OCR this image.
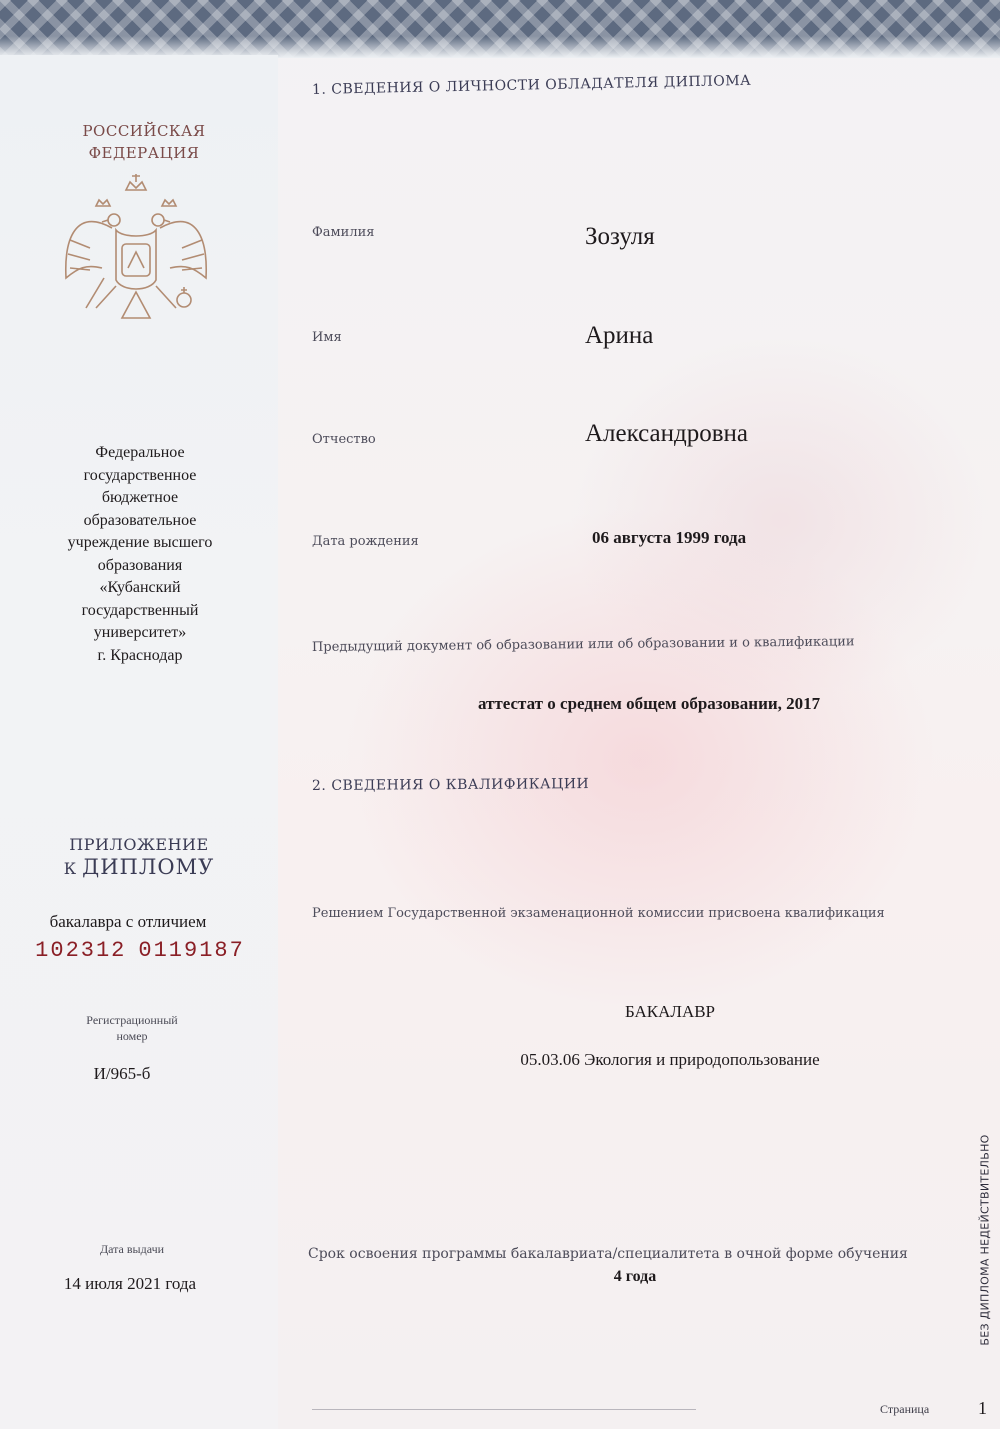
РОССИЙСКАЯ
ФЕДЕРАЦИЯ
Федеральное
государственное
бюджетное
образовательное
учреждение высшего
образования
«Кубанский
государственный
университет»
г. Краснодар
ПРИЛОЖЕНИЕ
К ДИПЛОМУ
бакалавра с отличием
102312 0119187
Регистрационный
номер
И/965-б
Дата выдачи
14 июля 2021 года
1. СВЕДЕНИЯ О ЛИЧНОСТИ ОБЛАДАТЕЛЯ ДИПЛОМА
Фамилия	Зозуля
Имя	Арина
Отчество	Александровна
Дата рождения	06 августа 1999 года
Предыдущий документ об образовании или об образовании и о квалификации
аттестат о среднем общем образовании, 2017
2. СВЕДЕНИЯ О КВАЛИФИКАЦИИ
Решением Государственной экзаменационной комиссии присвоена квалификация
БАКАЛАВР
05.03.06 Экология и природопользование
Срок освоения программы бакалавриата/специалитета в очной форме обучения
4 года
Страница	1
БЕЗ ДИПЛОМА НЕДЕЙСТВИТЕЛЬНО
